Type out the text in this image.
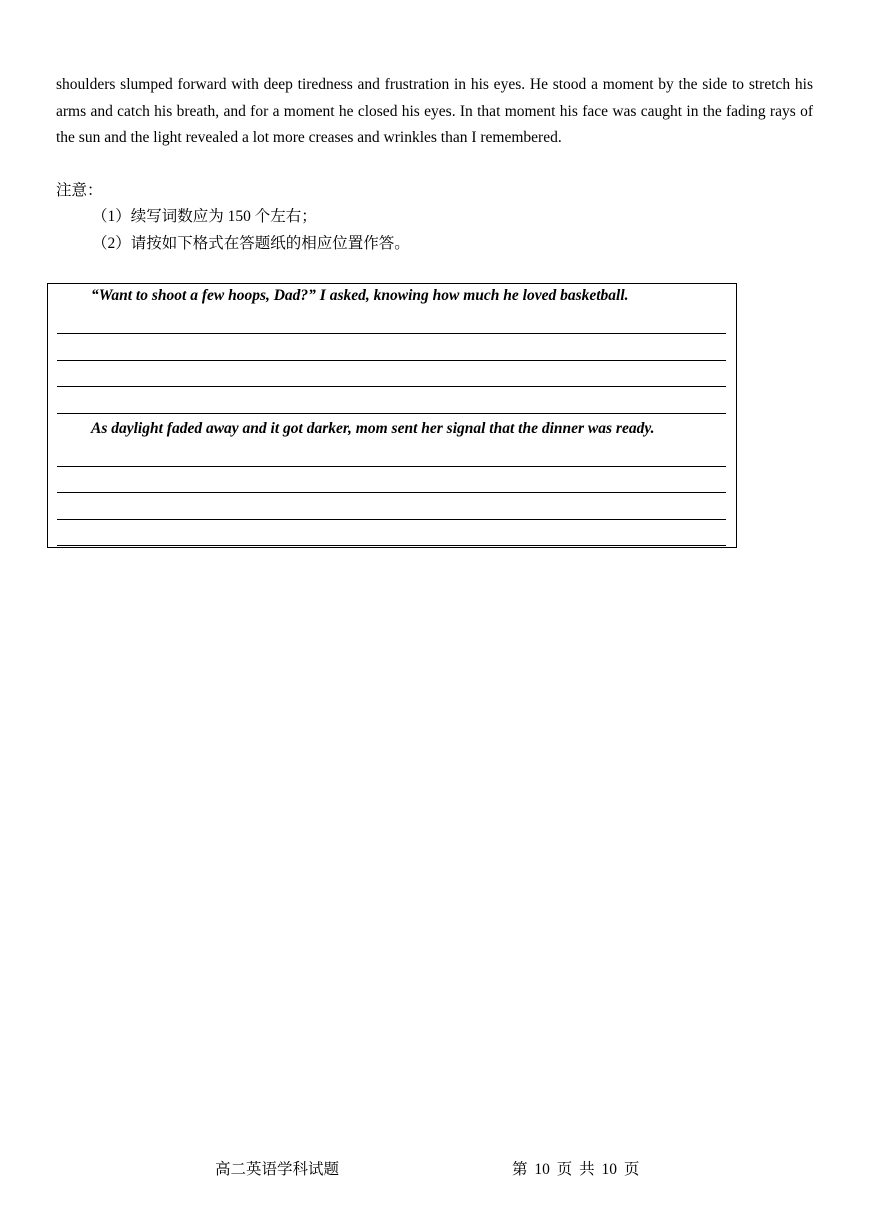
shoulders slumped forward with deep tiredness and frustration in his eyes. He stood a moment by the side to stretch his arms and catch his breath, and for a moment he closed his eyes. In that moment his face was caught in the fading rays of the sun and the light revealed a lot more creases and wrinkles than I remembered.
注意：
（1）续写词数应为 150 个左右；
（2）请按如下格式在答题纸的相应位置作答。
“Want to shoot a few hoops, Dad?” I asked, knowing how much he loved basketball.
As daylight faded away and it got darker, mom sent her signal that the dinner was ready.
高二英语学科试题	第 10 页 共 10 页
